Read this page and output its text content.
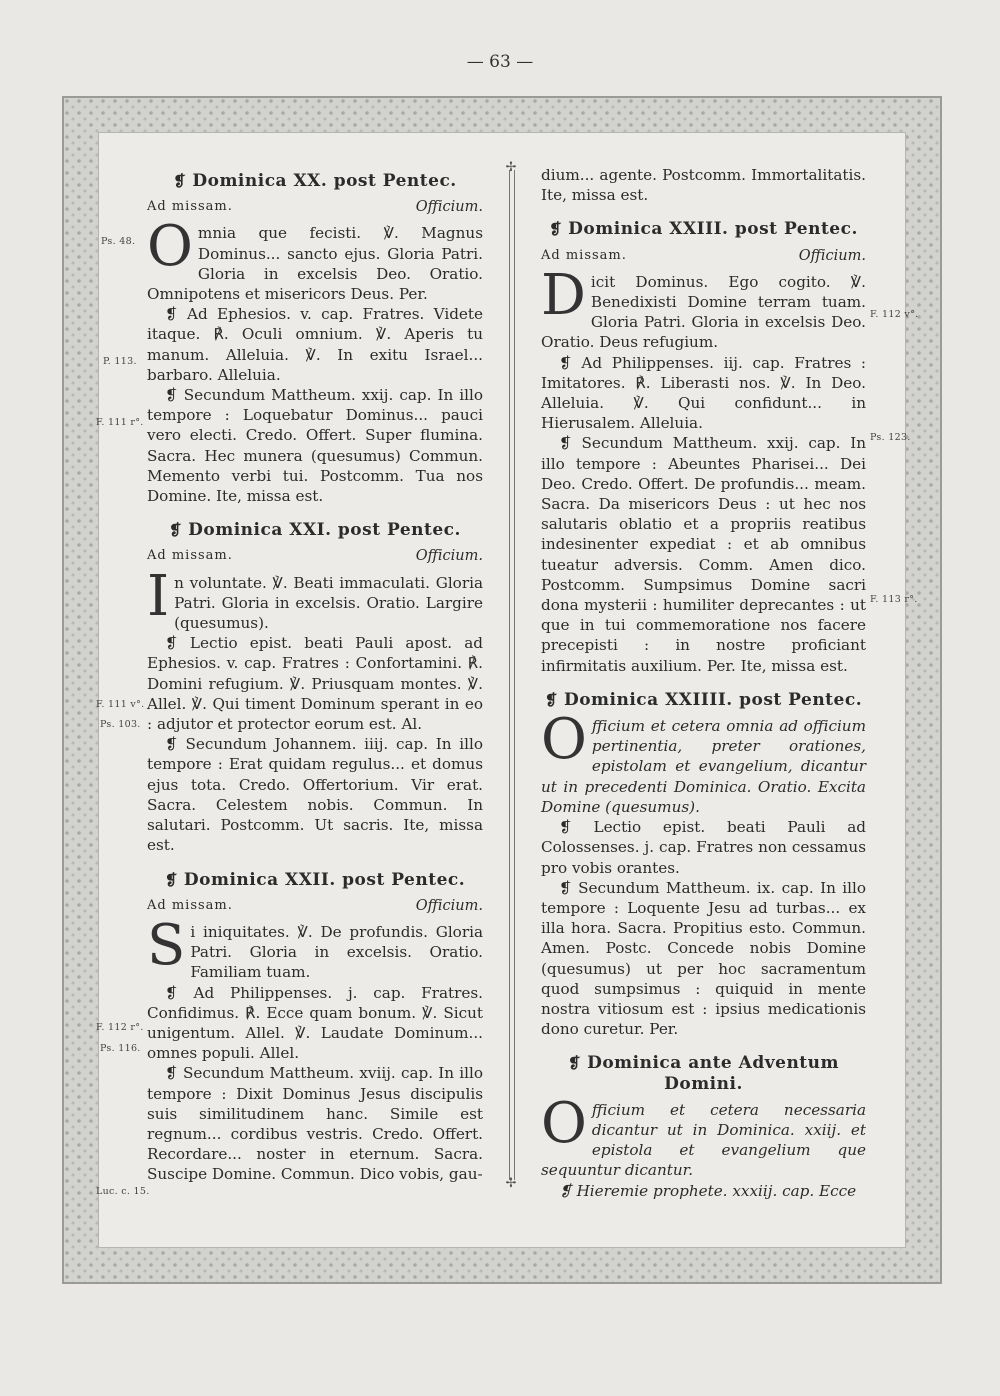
— 63 —
✢
✢
Ps. 48.
P. 113.
F. 111 r°.
F. 111 v°.
Ps. 103.
F. 112 r°.
Ps. 116.
Luc. c. 15.
F. 112 v°.
Ps. 123.
F. 113 r°.

❡ Dominica XX. post Pentec.

Ad missam.	Officium.

Omnia que fecisti. ℣. Magnus Dominus... sancto ejus. Gloria Patri. Gloria in excelsis Deo. Oratio. Omnipotens et misericors Deus. Per.

❡ Ad Ephesios. v. cap. Fratres. Videte itaque. ℟. Oculi omnium. ℣. Aperis tu manum. Alleluia. ℣. In exitu Israel... barbaro. Alleluia.

❡ Secundum Mattheum. xxij. cap. In illo tempore : Loquebatur Dominus... pauci vero electi. Credo. Offert. Super flumina. Sacra. Hec munera (quesumus) Commun. Memento verbi tui. Postcomm. Tua nos Domine. Ite, missa est.

❡ Dominica XXI. post Pentec.

Ad missam.	Officium.

In voluntate. ℣. Beati immaculati. Gloria Patri. Gloria in excelsis. Oratio. Largire (quesumus).

❡ Lectio epist. beati Pauli apost. ad Ephesios. v. cap. Fratres : Confortamini. ℟. Domini refugium. ℣. Priusquam montes. ℣. Allel. ℣. Qui timent Dominum sperant in eo : adjutor et protector eorum est. Al.

❡ Secundum Johannem. iiij. cap. In illo tempore : Erat quidam regulus... et domus ejus tota. Credo. Offertorium. Vir erat. Sacra. Celestem nobis. Commun. In salutari. Postcomm. Ut sacris. Ite, missa est.

❡ Dominica XXII. post Pentec.

Ad missam.	Officium.

Si iniquitates. ℣. De profundis. Gloria Patri. Gloria in excelsis. Oratio. Familiam tuam.

❡ Ad Philippenses. j. cap. Fratres. Confidimus. ℟. Ecce quam bonum. ℣. Sicut unigentum. Allel. ℣. Laudate Dominum... omnes populi. Allel.

❡ Secundum Mattheum. xviij. cap. In illo tempore : Dixit Dominus Jesus discipulis suis similitudinem hanc. Simile est regnum... cordibus vestris. Credo. Offert. Recordare... noster in eternum. Sacra. Suscipe Domine. Commun. Dico vobis, gau-

dium... agente. Postcomm. Immortalitatis. Ite, missa est.

❡ Dominica XXIII. post Pentec.

Ad missam.	Officium.

Dicit Dominus. Ego cogito. ℣. Benedixisti Domine terram tuam. Gloria Patri. Gloria in excelsis Deo. Oratio. Deus refugium.

❡ Ad Philippenses. iij. cap. Fratres : Imitatores. ℟. Liberasti nos. ℣. In Deo. Alleluia. ℣. Qui confidunt... in Hierusalem. Alleluia.

❡ Secundum Mattheum. xxij. cap. In illo tempore : Abeuntes Pharisei... Dei Deo. Credo. Offert. De profundis... meam. Sacra. Da misericors Deus : ut hec nos salutaris oblatio et a propriis reatibus indesinenter expediat : et ab omnibus tueatur adversis. Comm. Amen dico. Postcomm. Sumpsimus Domine sacri dona mysterii : humiliter deprecantes : ut que in tui commemoratione nos facere precepisti : in nostre proficiant infirmitatis auxilium. Per. Ite, missa est.

❡ Dominica XXIIII. post Pentec.

Officium et cetera omnia ad officium pertinentia, preter orationes, epistolam et evangelium, dicantur ut in precedenti Dominica. Oratio. Excita Domine (quesumus).

❡ Lectio epist. beati Pauli ad Colossenses. j. cap. Fratres non cessamus pro vobis orantes.

❡ Secundum Mattheum. ix. cap. In illo tempore : Loquente Jesu ad turbas... ex illa hora. Sacra. Propitius esto. Commun. Amen. Postc. Concede nobis Domine (quesumus) ut per hoc sacramentum quod sumpsimus : quiquid in mente nostra vitiosum est : ipsius medicationis dono curetur. Per.

❡ Dominica ante Adventum Domini.

Officium et cetera necessaria dicantur ut in Dominica. xxiij. et epistola et evangelium que sequuntur dicantur.

❡ Hieremie prophete. xxxiij. cap. Ecce
